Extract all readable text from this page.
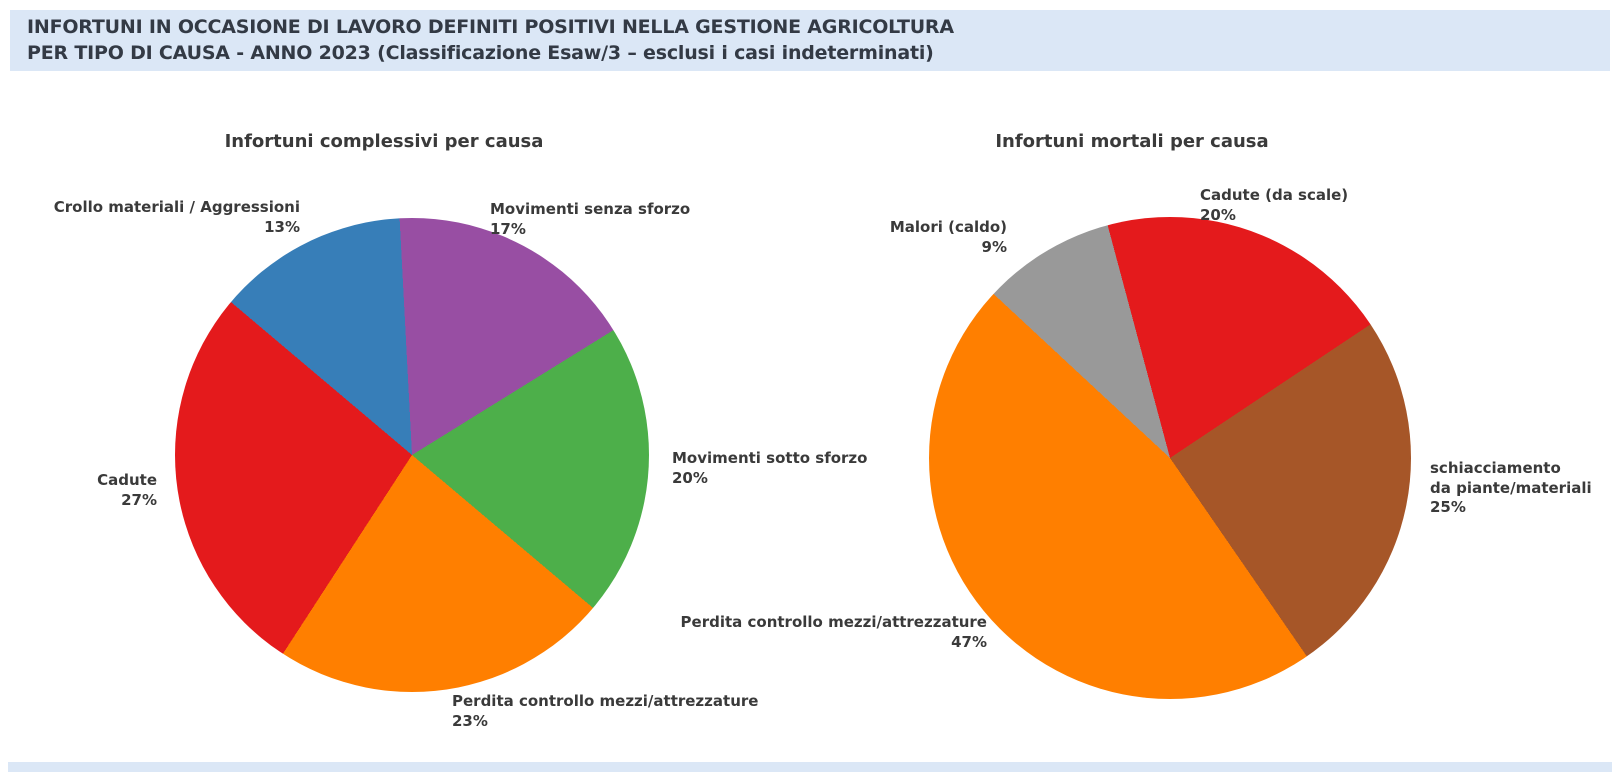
INFORTUNI IN OCCASIONE DI LAVORO DEFINITI POSITIVI NELLA GESTIONE AGRICOLTURA
PER TIPO DI CAUSA - ANNO 2023 (Classificazione Esaw/3 – esclusi i casi indeterminati)
Infortuni complessivi per causa	Infortuni mortali per causa
Crollo materiali / Aggressioni
13%
Movimenti senza sforzo
17%
Movimenti sotto sforzo
20%
Perdita controllo mezzi/attrezzature
23%
Cadute
27%
Malori (caldo)
9%
Cadute (da scale)
20%
schiacciamento
da piante/materiali
25%
Perdita controllo mezzi/attrezzature
47%
